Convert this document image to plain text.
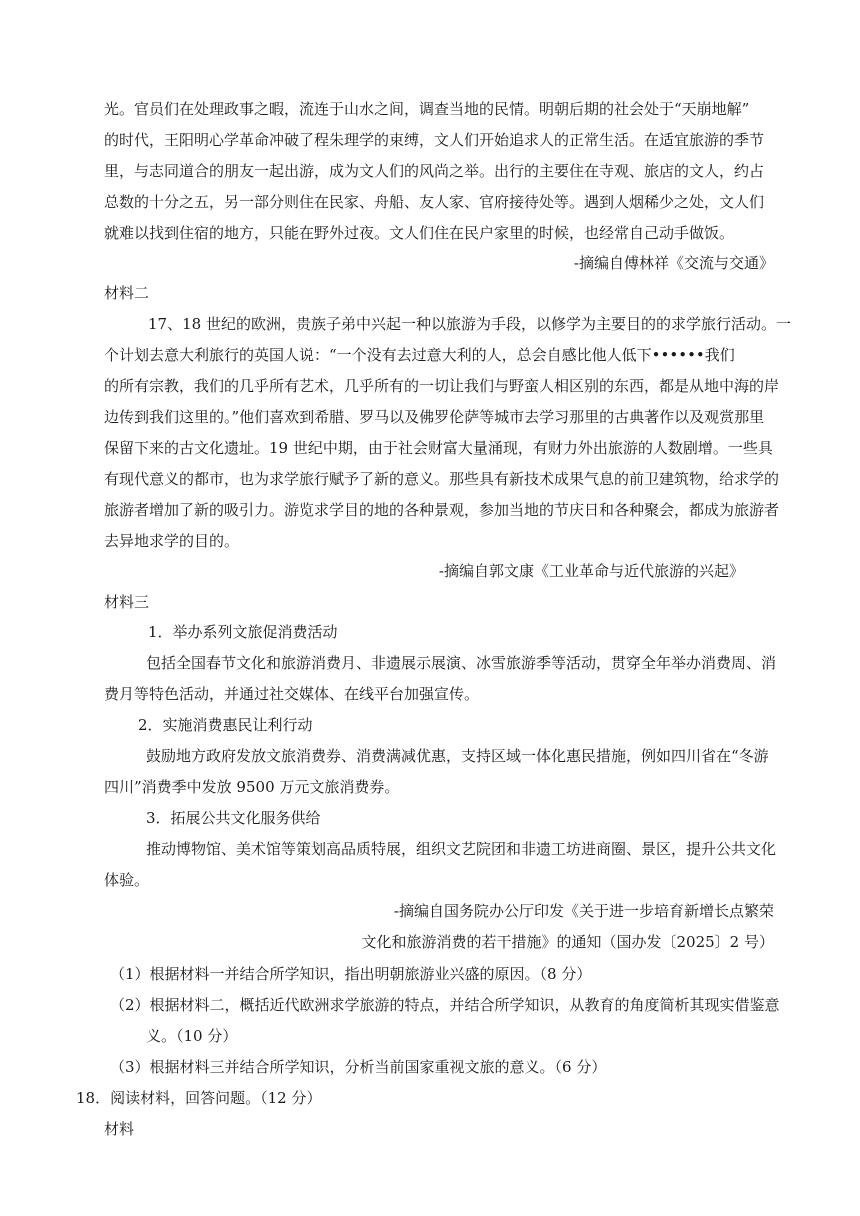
光。官员们在处理政事之暇，流连于山水之间，调查当地的民情。明朝后期的社会处于“天崩地解”
的时代，王阳明心学革命冲破了程朱理学的束缚，文人们开始追求人的正常生活。在适宜旅游的季节
里，与志同道合的朋友一起出游，成为文人们的风尚之举。出行的主要住在寺观、旅店的文人，约占
总数的十分之五，另一部分则住在民家、舟船、友人家、官府接待处等。遇到人烟稀少之处，文人们
就难以找到住宿的地方，只能在野外过夜。文人们住在民户家里的时候，也经常自己动手做饭。
-摘编自傅林祥《交流与交通》
材料二
17、18 世纪的欧洲，贵族子弟中兴起一种以旅游为手段，以修学为主要目的的求学旅行活动。一
个计划去意大利旅行的英国人说：“一个没有去过意大利的人，总会自感比他人低下••••••我们
的所有宗教，我们的几乎所有艺术，几乎所有的一切让我们与野蛮人相区别的东西，都是从地中海的岸
边传到我们这里的。”他们喜欢到希腊、罗马以及佛罗伦萨等城市去学习那里的古典著作以及观赏那里
保留下来的古文化遗址。19 世纪中期，由于社会财富大量涌现，有财力外出旅游的人数剧增。一些具
有现代意义的都市，也为求学旅行赋予了新的意义。那些具有新技术成果气息的前卫建筑物，给求学的
旅游者增加了新的吸引力。游览求学目的地的各种景观，参加当地的节庆日和各种聚会，都成为旅游者
去异地求学的目的。
-摘编自郭文康《工业革命与近代旅游的兴起》
材料三
1．举办系列文旅促消费活动
包括全国春节文化和旅游消费月、非遗展示展演、冰雪旅游季等活动，贯穿全年举办消费周、消
费月等特色活动，并通过社交媒体、在线平台加强宣传。
2．实施消费惠民让利行动
鼓励地方政府发放文旅消费券、消费满减优惠，支持区域一体化惠民措施，例如四川省在“冬游
四川”消费季中发放 9500 万元文旅消费券。
3．拓展公共文化服务供给
推动博物馆、美术馆等策划高品质特展，组织文艺院团和非遗工坊进商圈、景区，提升公共文化
体验。
-摘编自国务院办公厅印发《关于进一步培育新增长点繁荣
文化和旅游消费的若干措施》的通知（国办发〔2025〕2 号）
（1）根据材料一并结合所学知识，指出明朝旅游业兴盛的原因。（8 分）
（2）根据材料二，概括近代欧洲求学旅游的特点，并结合所学知识，从教育的角度简析其现实借鉴意
义。（10 分）
（3）根据材料三并结合所学知识，分析当前国家重视文旅的意义。（6 分）
18．阅读材料，回答问题。（12 分）
材料
